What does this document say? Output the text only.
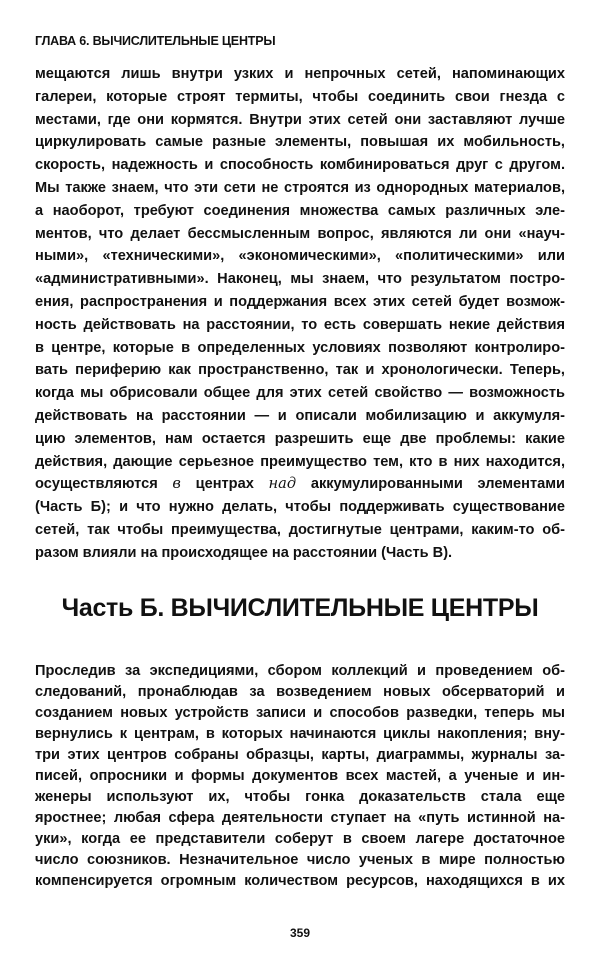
ГЛАВА 6. ВЫЧИСЛИТЕЛЬНЫЕ ЦЕНТРЫ
мещаются лишь внутри узких и непрочных сетей, напоминающих
галереи, которые строят термиты, чтобы соединить свои гнезда с
местами, где они кормятся. Внутри этих сетей они заставляют лучше
циркулировать самые разные элементы, повышая их мобильность,
скорость, надежность и способность комбинироваться друг с другом.
Мы также знаем, что эти сети не строятся из однородных материалов,
а наоборот, требуют соединения множества самых различных эле-
ментов, что делает бессмысленным вопрос, являются ли они «науч-
ными», «техническими», «экономическими», «политическими» или
«административными». Наконец, мы знаем, что результатом постро-
ения, распространения и поддержания всех этих сетей будет возмож-
ность действовать на расстоянии, то есть совершать некие действия
в центре, которые в определенных условиях позволяют контролиро-
вать периферию как пространственно, так и хронологически. Теперь,
когда мы обрисовали общее для этих сетей свойство — возможность
действовать на расстоянии — и описали мобилизацию и аккумуля-
цию элементов, нам остается разрешить еще две проблемы: какие
действия, дающие серьезное преимущество тем, кто в них находится,
осуществляются в центрах над аккумулированными элементами
(Часть Б); и что нужно делать, чтобы поддерживать существование
сетей, так чтобы преимущества, достигнутые центрами, каким-то об-
разом влияли на происходящее на расстоянии (Часть В).
Часть Б. ВЫЧИСЛИТЕЛЬНЫЕ ЦЕНТРЫ
Проследив за экспедициями, сбором коллекций и проведением об-
следований, пронаблюдав за возведением новых обсерваторий и
созданием новых устройств записи и способов разведки, теперь мы
вернулись к центрам, в которых начинаются циклы накопления; вну-
три этих центров собраны образцы, карты, диаграммы, журналы за-
писей, опросники и формы документов всех мастей, а ученые и ин-
женеры используют их, чтобы гонка доказательств стала еще
яростнее; любая сфера деятельности ступает на «путь истинной на-
уки», когда ее представители соберут в своем лагере достаточное
число союзников. Незначительное число ученых в мире полностью
компенсируется огромным количеством ресурсов, находящихся в их
359
